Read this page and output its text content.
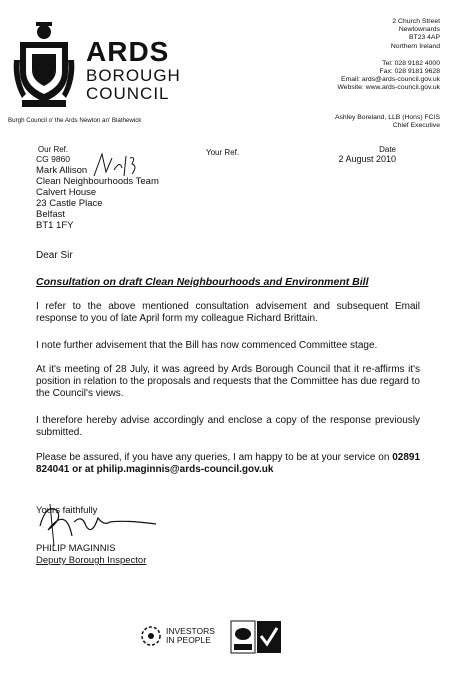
ARDS
BOROUGH
COUNCIL
Burgh Council o' the Ards Newton an' Blathewick
2 Church Street
Newtownards
BT23 4AP
Northern Ireland
Tel: 028 9182 4000
Fax: 028 9181 9628
Email: ards@ards-council.gov.uk
Website: www.ards-council.gov.uk
Ashley Boreland, LLB (Hons) FCIS
Chief Executive
Our Ref.
CG 9860
Your Ref.	Date
2 August 2010
Mark Allison
Clean Neighbourhoods Team
Calvert House
23 Castle Place
Belfast
BT1 1FY
Dear Sir
Consultation on draft Clean Neighbourhoods and Environment Bill
I refer to the above mentioned consultation advisement and subsequent Email response to you of late April form my colleague Richard Brittain.
I note further advisement that the Bill has now commenced Committee stage.
At it's meeting of 28 July, it was agreed by Ards Borough Council that it re-affirms it's position in relation to the proposals and requests that the Committee has due regard to the Council's views.
I therefore hereby advise accordingly and enclose a copy of the response previously submitted.
Please be assured, if you have any queries, I am happy to be at your service on 02891 824041 or at philip.maginnis@ards-council.gov.uk
Yours faithfully
PHILIP MAGINNIS
Deputy Borough Inspector
INVESTORS
IN PEOPLE
